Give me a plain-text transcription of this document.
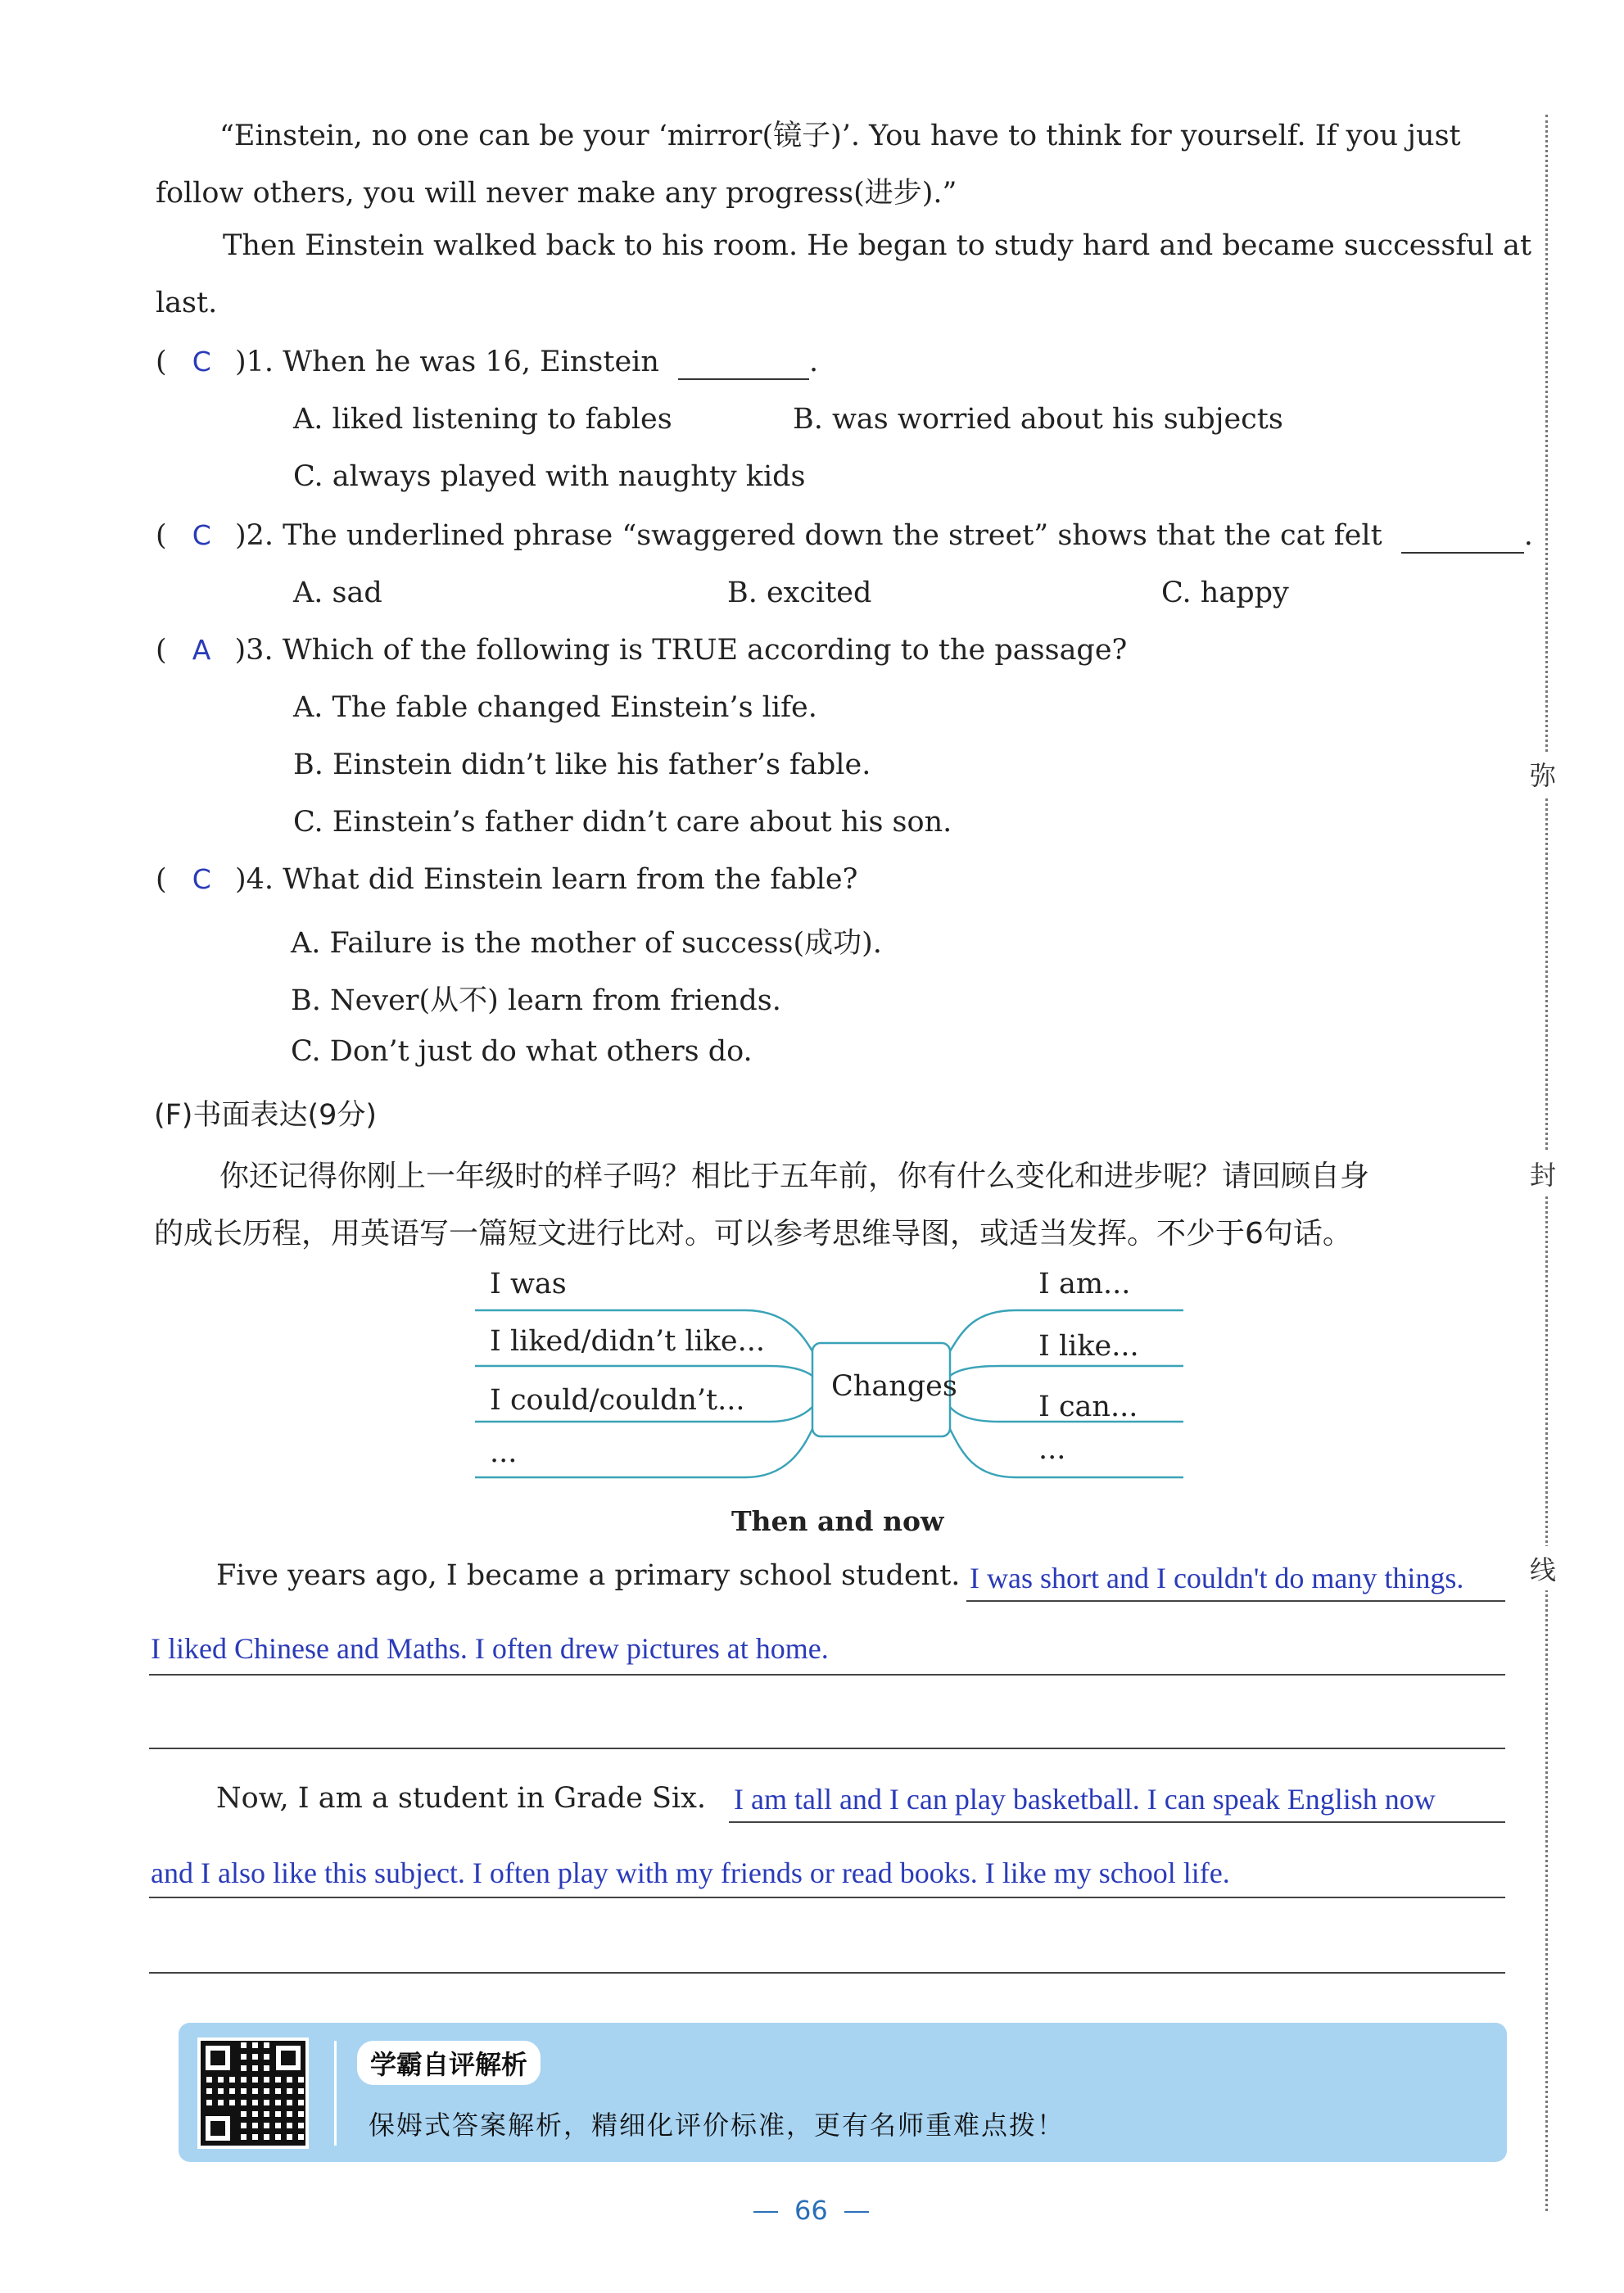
“Einstein, no one can be your ‘mirror(镜子)’. You have to think for yourself. If you just
follow others, you will never make any progress(进步).”
Then Einstein walked back to his room. He began to study hard and became successful at
last.
( C )1. When he was 16, Einstein	.
A. liked listening to fables	B. was worried about his subjects
C. always played with naughty kids
( C )2. The underlined phrase “swaggered down the street” shows that the cat felt	.
A. sad	B. excited	C. happy
( A )3. Which of the following is TRUE according to the passage?
A. The fable changed Einstein’s life.
B. Einstein didn’t like his father’s fable.
C. Einstein’s father didn’t care about his son.
( C )4. What did Einstein learn from the fable?
A. Failure is the mother of success(成功).
B. Never(从不) learn from friends.
C. Don’t just do what others do.
(F)书面表达(9分)
你还记得你刚上一年级时的样子吗？相比于五年前，你有什么变化和进步呢？请回顾自身
的成长历程，用英语写一篇短文进行比对。可以参考思维导图，或适当发挥。不少于6句话。
I was
I liked/didn’t like...
I could/couldn’t...
...
Changes
I am...
I like...
I can...
...
Then and now
Five years ago, I became a primary school student. I was short and I couldn't do many things.
I liked Chinese and Maths. I often drew pictures at home.
Now, I am a student in Grade Six. I am tall and I can play basketball. I can speak English now
and I also like this subject. I often play with my friends or read books. I like my school life.
弥
封
线
学霸自评解析
保姆式答案解析，精细化评价标准，更有名师重难点拨！
66
